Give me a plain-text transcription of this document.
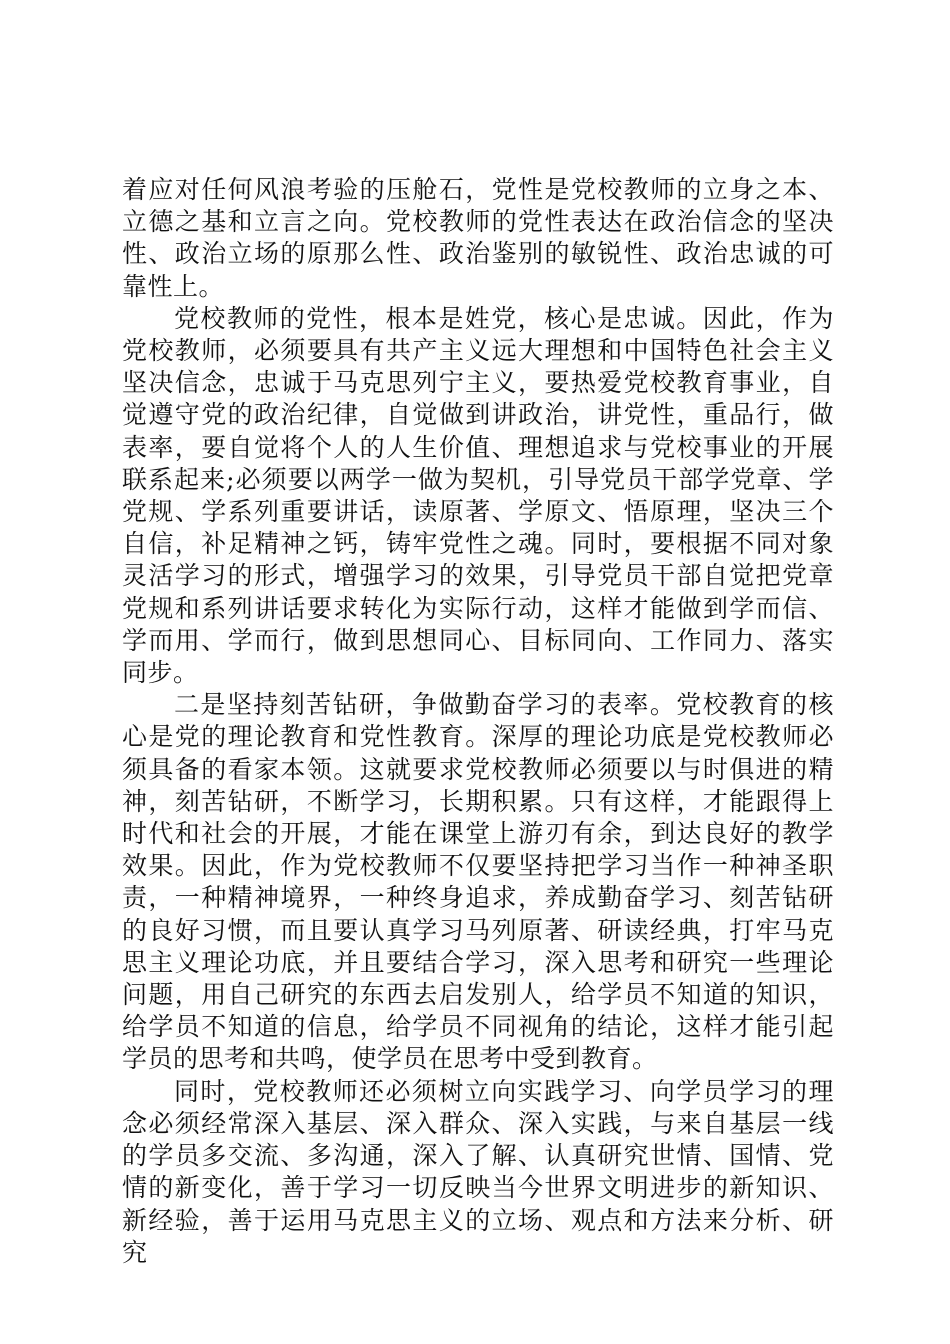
着应对任何风浪考验的压舱石，党性是党校教师的立身之本、立德之基和立言之向。党校教师的党性表达在政治信念的坚决性、政治立场的原那么性、政治鉴别的敏锐性、政治忠诚的可靠性上。

党校教师的党性，根本是姓党，核心是忠诚。因此，作为党校教师，必须要具有共产主义远大理想和中国特色社会主义坚决信念，忠诚于马克思列宁主义，要热爱党校教育事业，自觉遵守党的政治纪律，自觉做到讲政治，讲党性，重品行，做表率，要自觉将个人的人生价值、理想追求与党校事业的开展联系起来;必须要以两学一做为契机，引导党员干部学党章、学党规、学系列重要讲话，读原著、学原文、悟原理，坚决三个自信，补足精神之钙，铸牢党性之魂。同时，要根据不同对象灵活学习的形式，增强学习的效果，引导党员干部自觉把党章党规和系列讲话要求转化为实际行动，这样才能做到学而信、学而用、学而行，做到思想同心、目标同向、工作同力、落实同步。

二是坚持刻苦钻研，争做勤奋学习的表率。党校教育的核心是党的理论教育和党性教育。深厚的理论功底是党校教师必须具备的看家本领。这就要求党校教师必须要以与时俱进的精神，刻苦钻研，不断学习，长期积累。只有这样，才能跟得上时代和社会的开展，才能在课堂上游刃有余，到达良好的教学效果。因此，作为党校教师不仅要坚持把学习当作一种神圣职责，一种精神境界，一种终身追求，养成勤奋学习、刻苦钻研的良好习惯，而且要认真学习马列原著、研读经典，打牢马克思主义理论功底，并且要结合学习，深入思考和研究一些理论问题，用自己研究的东西去启发别人，给学员不知道的知识，给学员不知道的信息，给学员不同视角的结论，这样才能引起学员的思考和共鸣，使学员在思考中受到教育。

同时，党校教师还必须树立向实践学习、向学员学习的理念必须经常深入基层、深入群众、深入实践，与来自基层一线的学员多交流、多沟通，深入了解、认真研究世情、国情、党情的新变化，善于学习一切反映当今世界文明进步的新知识、新经验，善于运用马克思主义的立场、观点和方法来分析、研究
